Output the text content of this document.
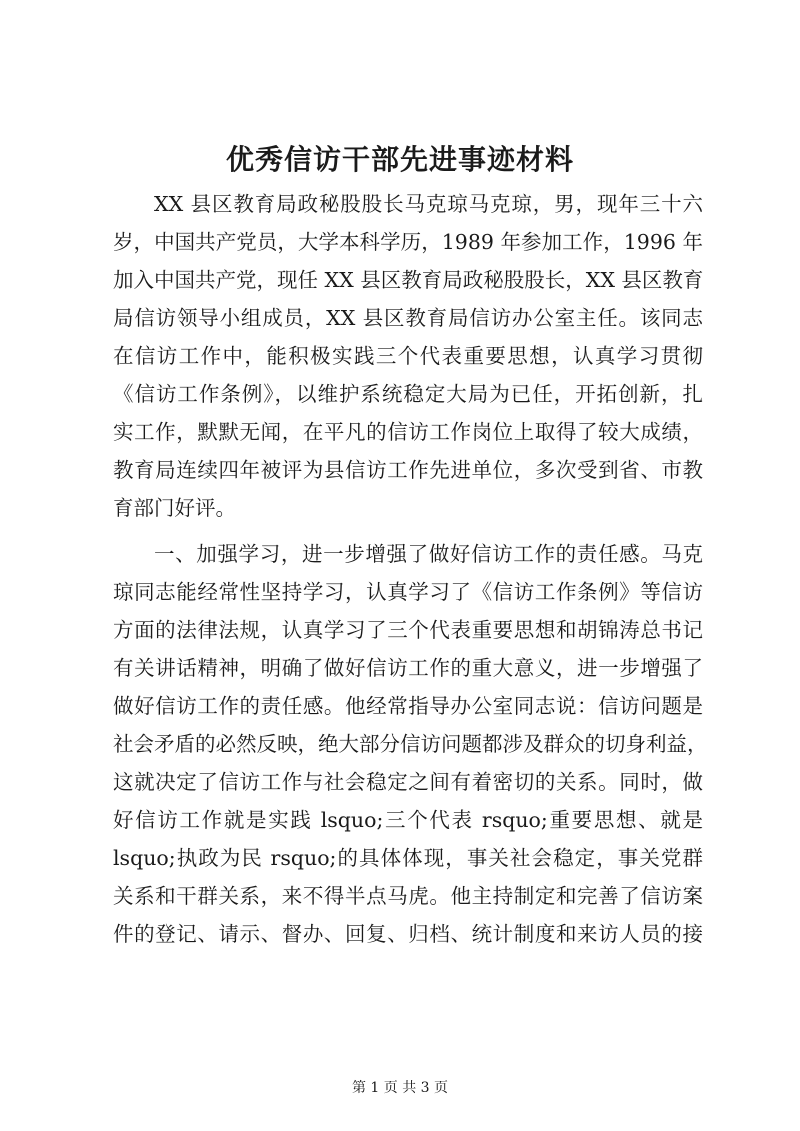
优秀信访干部先进事迹材料
XX 县区教育局政秘股股长马克琼马克琼，男，现年三十六
岁，中国共产党员，大学本科学历，1989 年参加工作，1996 年
加入中国共产党，现任 XX 县区教育局政秘股股长，XX 县区教育
局信访领导小组成员，XX 县区教育局信访办公室主任。该同志
在信访工作中，能积极实践三个代表重要思想，认真学习贯彻
《信访工作条例》，以维护系统稳定大局为已任，开拓创新，扎
实工作，默默无闻，在平凡的信访工作岗位上取得了较大成绩，
教育局连续四年被评为县信访工作先进单位，多次受到省、市教
育部门好评。
一、加强学习，进一步增强了做好信访工作的责任感。马克
琼同志能经常性坚持学习，认真学习了《信访工作条例》等信访
方面的法律法规，认真学习了三个代表重要思想和胡锦涛总书记
有关讲话精神，明确了做好信访工作的重大意义，进一步增强了
做好信访工作的责任感。他经常指导办公室同志说：信访问题是
社会矛盾的必然反映，绝大部分信访问题都涉及群众的切身利益，
这就决定了信访工作与社会稳定之间有着密切的关系。同时，做
好信访工作就是实践 lsquo;三个代表 rsquo;重要思想、就是
lsquo;执政为民 rsquo;的具体体现，事关社会稳定，事关党群
关系和干群关系，来不得半点马虎。他主持制定和完善了信访案
件的登记、请示、督办、回复、归档、统计制度和来访人员的接
第 1 页 共 3 页
